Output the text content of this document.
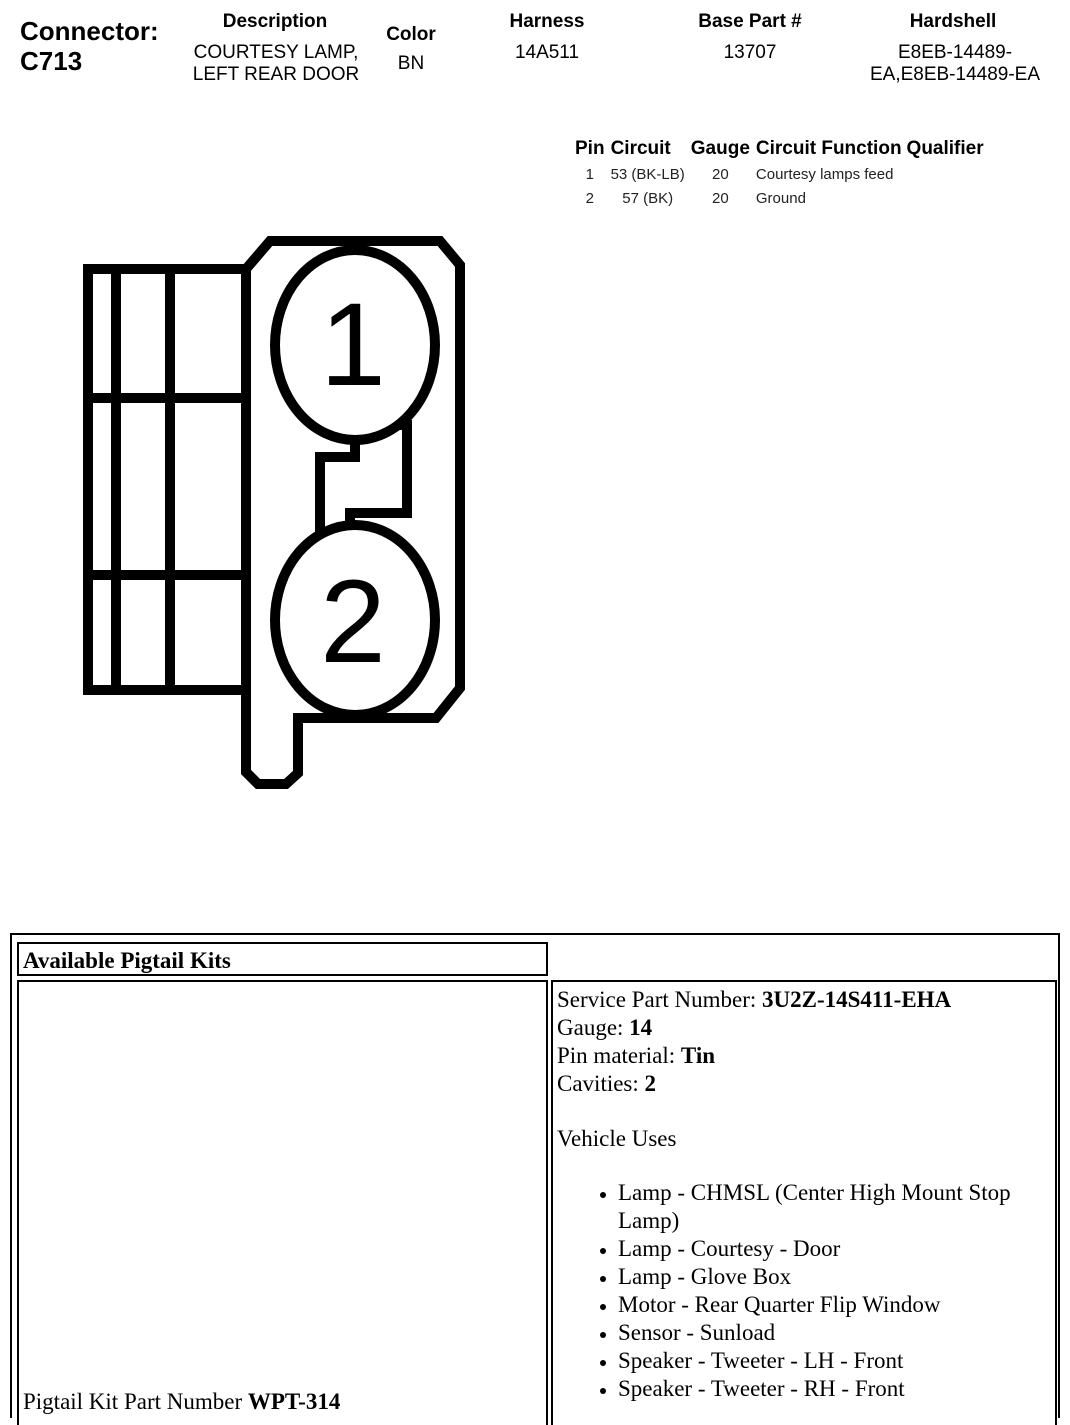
Connector:
C713
Description
COURTESY LAMP,
LEFT REAR DOOR
Color
BN
Harness
14A511
Base Part #
13707
Hardshell
E8EB-14489-
EA,E8EB-14489-EA
Pin	Circuit	Gauge	Circuit Function	Qualifier
1	53 (BK-LB)	20	Courtesy lamps feed	
2	57 (BK)	20	Ground	
1
2
Available Pigtail Kits
Pigtail Kit Part Number WPT-314
Service Part Number: 3U2Z-14S411-EHA
Gauge: 14
Pin material: Tin
Cavities: 2
Vehicle Uses
• Lamp - CHMSL (Center High Mount Stop Lamp)
• Lamp - Courtesy - Door
• Lamp - Glove Box
• Motor - Rear Quarter Flip Window
• Sensor - Sunload
• Speaker - Tweeter - LH - Front
• Speaker - Tweeter - RH - Front
